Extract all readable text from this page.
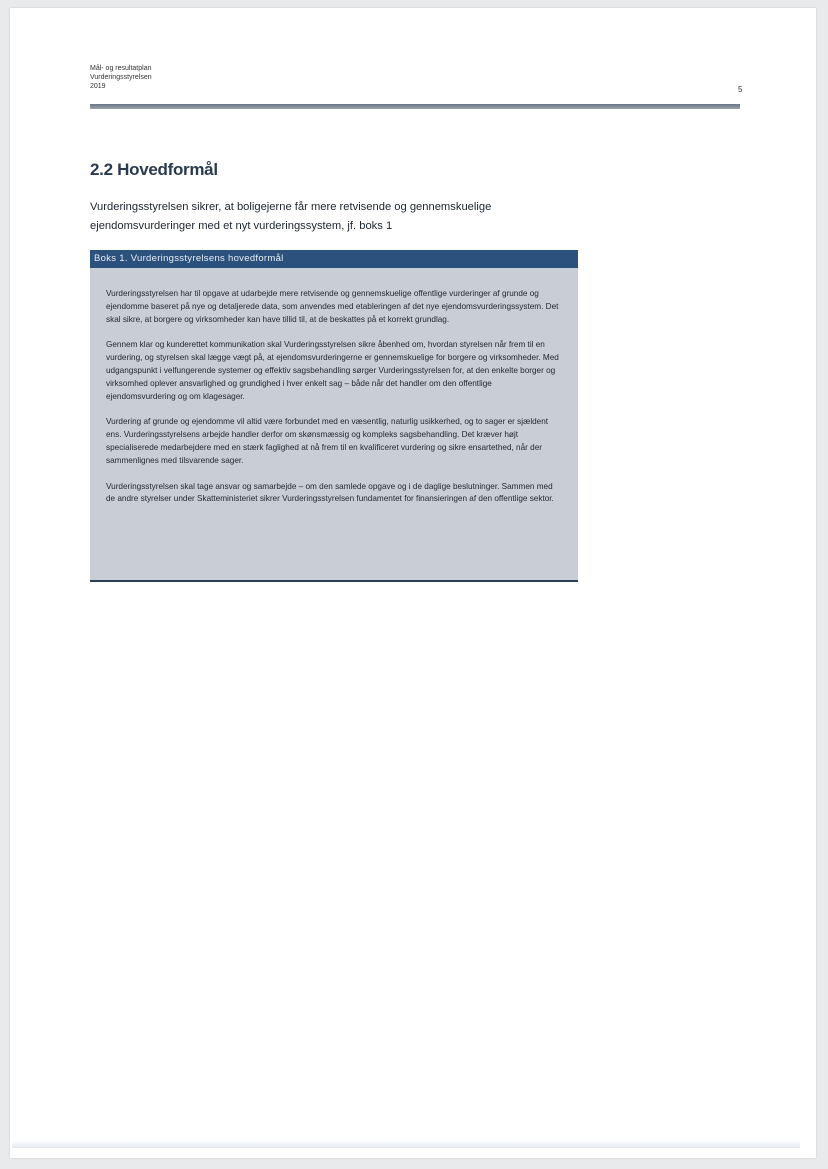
Mål- og resultatplan
Vurderingsstyrelsen
2019	5
2.2 Hovedformål
Vurderingsstyrelsen sikrer, at boligejerne får mere retvisende og gennemskuelige ejendomsvurderinger med et nyt vurderingssystem, jf. boks 1
Boks 1. Vurderingsstyrelsens hovedformål

Vurderingsstyrelsen har til opgave at udarbejde mere retvisende og gennemskuelige offentlige vurderinger af grunde og ejendomme baseret på nye og detaljerede data, som anvendes med etableringen af det nye ejendomsvurderingssystem. Det skal sikre, at borgere og virksomheder kan have tillid til, at de beskattes på et korrekt grundlag.

Gennem klar og kunderettet kommunikation skal Vurderingsstyrelsen sikre åbenhed om, hvordan styrelsen når frem til en vurdering, og styrelsen skal lægge vægt på, at ejendomsvurderingerne er gennemskuelige for borgere og virksomheder. Med udgangspunkt i velfungerende systemer og effektiv sagsbehandling sørger Vurderingsstyrelsen for, at den enkelte borger og virksomhed oplever ansvarlighed og grundighed i hver enkelt sag – både når det handler om den offentlige ejendomsvurdering og om klagesager.

Vurdering af grunde og ejendomme vil altid være forbundet med en væsentlig, naturlig usikkerhed, og to sager er sjældent ens. Vurderingsstyrelsens arbejde handler derfor om skønsmæssig og kompleks sagsbehandling. Det kræver højt specialiserede medarbejdere med en stærk faglighed at nå frem til en kvalificeret vurdering og sikre ensartethed, når der sammenlignes med tilsvarende sager.

Vurderingsstyrelsen skal tage ansvar og samarbejde – om den samlede opgave og i de daglige beslutninger. Sammen med de andre styrelser under Skatteministeriet sikrer Vurderingsstyrelsen fundamentet for finansieringen af den offentlige sektor.
